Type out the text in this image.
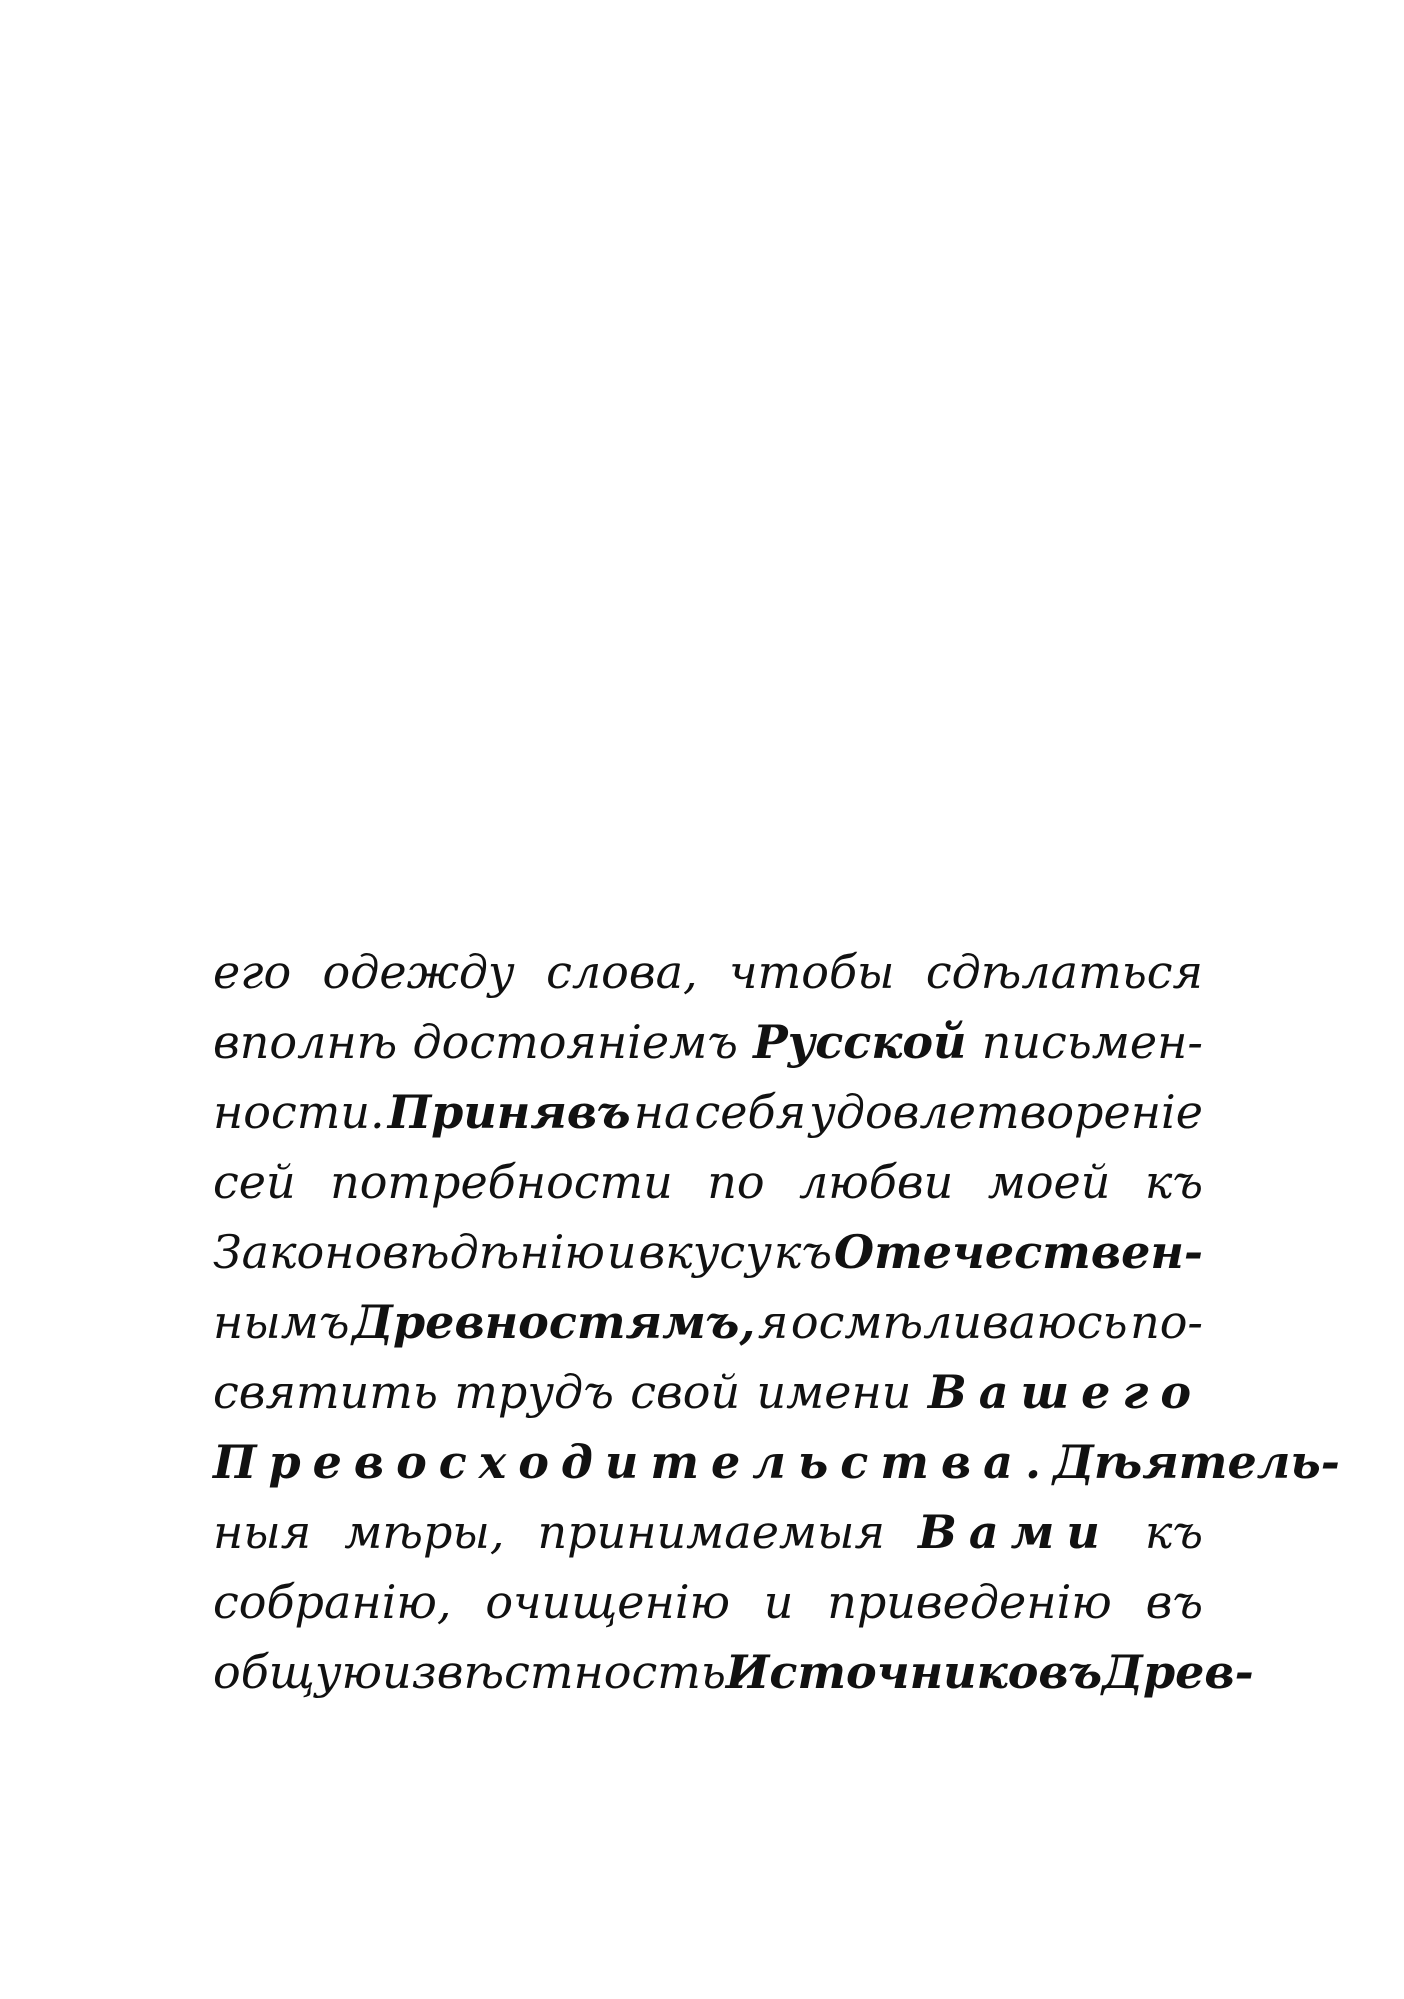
его одежду слова, чтобы сдѣлаться
вполнѣ достояніемъ Русской письмен-
ности. Принявъ на себя удовлетвореніе
сей потребности по любви моей къ
Законовѣдѣнію и вкусу къ Отечествен-
нымъ Древностямъ, я осмѣливаюсь по-
святить трудъ свой имени Вашего
Превосходительства. Дѣятель-
ныя мѣры, принимаемыя Вами къ
собранію, очищенію и приведенію въ
общую извѣстность Источниковъ Древ-
